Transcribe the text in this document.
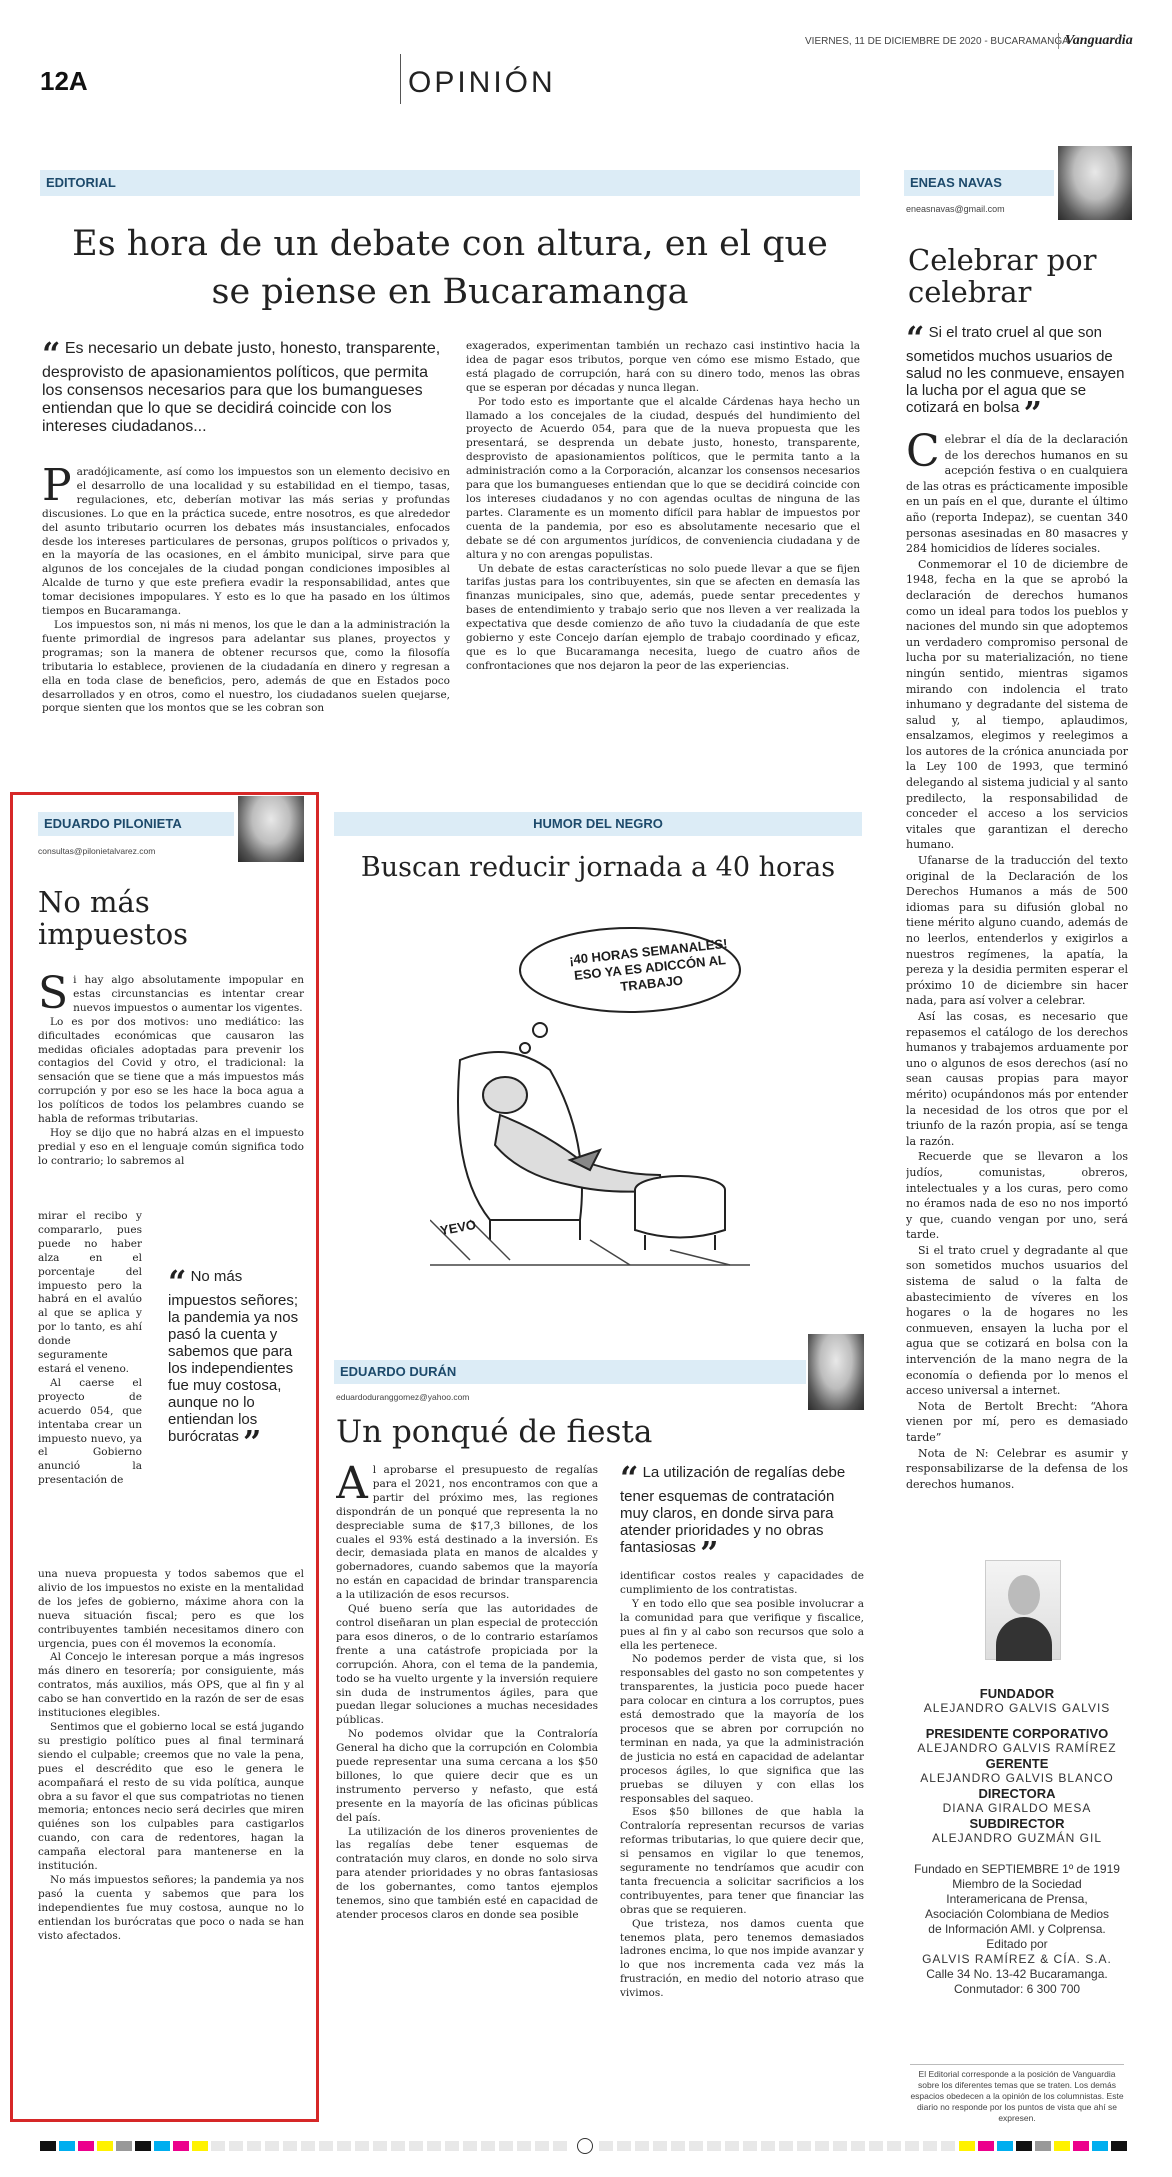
VIERNES, 11 DE DICIEMBRE DE 2020 - BUCARAMANGA
Vanguardia
12A	OPINIÓN
EDITORIAL
Es hora de un debate con altura, en el que se piense en Bucaramanga
“ Es necesario un debate justo, honesto, transparente, desprovisto de apasionamientos políticos, que permita los consensos necesarios para que los bumangueses entiendan que lo que se decidirá coincide con los intereses ciudadanos...
P aradójicamente, así como los impuestos son un elemento decisivo en el desarrollo de una localidad y su estabilidad en el tiempo, tasas, regulaciones, etc, deberían motivar las más serias y profundas discusiones. Lo que en la práctica sucede, entre nosotros, es que alrededor del asunto tributario ocurren los debates más insustanciales, enfocados desde los intereses particulares de personas, grupos políticos o privados y, en la mayoría de las ocasiones, en el ámbito municipal, sirve para que algunos de los concejales de la ciudad pongan condiciones imposibles al Alcalde de turno y que este prefiera evadir la responsabilidad, antes que tomar decisiones impopulares. Y esto es lo que ha pasado en los últimos tiempos en Bucaramanga.

Los impuestos son, ni más ni menos, los que le dan a la administración la fuente primordial de ingresos para adelantar sus planes, proyectos y programas; son la manera de obtener recursos que, como la filosofía tributaria lo establece, provienen de la ciudadanía en dinero y regresan a ella en toda clase de beneficios, pero, además de que en Estados poco desarrollados y en otros, como el nuestro, los ciudadanos suelen quejarse, porque sienten que los montos que se les cobran son

exagerados, experimentan también un rechazo casi instintivo hacia la idea de pagar esos tributos, porque ven cómo ese mismo Estado, que está plagado de corrupción, hará con su dinero todo, menos las obras que se esperan por décadas y nunca llegan.

Por todo esto es importante que el alcalde Cárdenas haya hecho un llamado a los concejales de la ciudad, después del hundimiento del proyecto de Acuerdo 054, para que de la nueva propuesta que les presentará, se desprenda un debate justo, honesto, transparente, desprovisto de apasionamientos políticos, que le permita tanto a la administración como a la Corporación, alcanzar los consensos necesarios para que los bumangueses entiendan que lo que se decidirá coincide con los intereses ciudadanos y no con agendas ocultas de ninguna de las partes. Claramente es un momento difícil para hablar de impuestos por cuenta de la pandemia, por eso es absolutamente necesario que el debate se dé con argumentos jurídicos, de conveniencia ciudadana y de altura y no con arengas populistas.

Un debate de estas características no solo puede llevar a que se fijen tarifas justas para los contribuyentes, sin que se afecten en demasía las finanzas municipales, sino que, además, puede sentar precedentes y bases de entendimiento y trabajo serio que nos lleven a ver realizada la expectativa que desde comienzo de año tuvo la ciudadanía de que este gobierno y este Concejo darían ejemplo de trabajo coordinado y eficaz, que es lo que Bucaramanga necesita, luego de cuatro años de confrontaciones que nos dejaron la peor de las experiencias.

ENEAS NAVAS
eneasnavas@gmail.com
Celebrar por celebrar
“ Si el trato cruel al que son sometidos muchos usuarios de salud no les conmueve, ensayen la lucha por el agua que se cotizará en bolsa ”
C elebrar el día de la declaración de los derechos humanos en su acepción festiva o en cualquiera de las otras es prácticamente imposible en un país en el que, durante el último año (reporta Indepaz), se cuentan 340 personas asesinadas en 80 masacres y 284 homicidios de líderes sociales.

Conmemorar el 10 de diciembre de 1948, fecha en la que se aprobó la declaración de derechos humanos como un ideal para todos los pueblos y naciones del mundo sin que adoptemos un verdadero compromiso personal de lucha por su materialización, no tiene ningún sentido, mientras sigamos mirando con indolencia el trato inhumano y degradante del sistema de salud y, al tiempo, aplaudimos, ensalzamos, elegimos y reelegimos a los autores de la crónica anunciada por la Ley 100 de 1993, que terminó delegando al sistema judicial y al santo predilecto, la responsabilidad de conceder el acceso a los servicios vitales que garantizan el derecho humano.

Ufanarse de la traducción del texto original de la Declaración de los Derechos Humanos a más de 500 idiomas para su difusión global no tiene mérito alguno cuando, además de no leerlos, entenderlos y exigirlos a nuestros regímenes, la apatía, la pereza y la desidia permiten esperar el próximo 10 de diciembre sin hacer nada, para así volver a celebrar.

Así las cosas, es necesario que repasemos el catálogo de los derechos humanos y trabajemos arduamente por uno o algunos de esos derechos (así no sean causas propias para mayor mérito) ocupándonos más por entender la necesidad de los otros que por el triunfo de la razón propia, así se tenga la razón.

Recuerde que se llevaron a los judíos, comunistas, obreros, intelectuales y a los curas, pero como no éramos nada de eso no nos importó y que, cuando vengan por uno, será tarde.

Si el trato cruel y degradante al que son sometidos muchos usuarios del sistema de salud o la falta de abastecimiento de víveres en los hogares o la de hogares no les conmueven, ensayen la lucha por el agua que se cotizará en bolsa con la intervención de la mano negra de la economía o defienda por lo menos el acceso universal a internet.

Nota de Bertolt Brecht: “Ahora vienen por mí, pero es demasiado tarde”

Nota de N: Celebrar es asumir y responsabilizarse de la defensa de los derechos humanos.

FUNDADOR
ALEJANDRO GALVIS GALVIS
PRESIDENTE CORPORATIVO
ALEJANDRO GALVIS RAMÍREZ
GERENTE
ALEJANDRO GALVIS BLANCO
DIRECTORA
DIANA GIRALDO MESA
SUBDIRECTOR
ALEJANDRO GUZMÁN GIL
Fundado en SEPTIEMBRE 1º de 1919
Miembro de la Sociedad
Interamericana de Prensa,
Asociación Colombiana de Medios
de Información AMI. y Colprensa.
Editado por
GALVIS RAMÍREZ & CÍA. S.A.
Calle 34 No. 13-42 Bucaramanga.
Conmutador: 6 300 700
El Editorial corresponde a la posición de Vanguardia sobre los diferentes temas que se traten. Los demás espacios obedecen a la opinión de los columnistas. Este diario no responde por los puntos de vista que ahí se expresen.
EDUARDO PILONIETA
consultas@pilonietalvarez.com
No más impuestos
S i hay algo absolutamente impopular en estas circunstancias es intentar crear nuevos impuestos o aumentar los vigentes.

Lo es por dos motivos: uno mediático: las dificultades económicas que causaron las medidas oficiales adoptadas para prevenir los contagios del Covid y otro, el tradicional: la sensación que se tiene que a más impuestos más corrupción y por eso se les hace la boca agua a los políticos de todos los pelambres cuando se habla de reformas tributarias.

Hoy se dijo que no habrá alzas en el impuesto predial y eso en el lenguaje común significa todo lo contrario; lo sabremos al

mirar el recibo y compararlo, pues puede no haber alza en el porcentaje del impuesto pero la habrá en el avalúo al que se aplica y por lo tanto, es ahí donde seguramente estará el veneno.

Al caerse el proyecto de acuerdo 054, que intentaba crear un impuesto nuevo, ya el Gobierno anunció la presentación de

“ No más impuestos señores; la pandemia ya nos pasó la cuenta y sabemos que para los independientes fue muy costosa, aunque no lo entiendan los burócratas ”

una nueva propuesta y todos sabemos que el alivio de los impuestos no existe en la mentalidad de los jefes de gobierno, máxime ahora con la nueva situación fiscal; pero es que los contribuyentes también necesitamos dinero con urgencia, pues con él movemos la economía.

Al Concejo le interesan porque a más ingresos más dinero en tesorería; por consiguiente, más contratos, más auxilios, más OPS, que al fin y al cabo se han convertido en la razón de ser de esas instituciones elegibles.

Sentimos que el gobierno local se está jugando su prestigio político pues al final terminará siendo el culpable; creemos que no vale la pena, pues el descrédito que eso le genera le acompañará el resto de su vida política, aunque obra a su favor el que sus compatriotas no tienen memoria; entonces necio será decirles que miren quiénes son los culpables para castigarlos cuando, con cara de redentores, hagan la campaña electoral para mantenerse en la institución.

No más impuestos señores; la pandemia ya nos pasó la cuenta y sabemos que para los independientes fue muy costosa, aunque no lo entiendan los burócratas que poco o nada se han visto afectados.

HUMOR DEL NEGRO
Buscan reducir jornada a 40 horas
¡40 HORAS SEMANALES! ESO YA ES ADICCÓN AL TRABAJO
YEVO
EDUARDO DURÁN
eduardoduranggomez@yahoo.com
Un ponqué de fiesta
“ La utilización de regalías debe tener esquemas de contratación muy claros, en donde sirva para atender prioridades y no obras fantasiosas ”
A l aprobarse el presupuesto de regalías para el 2021, nos encontramos con que a partir del próximo mes, las regiones dispondrán de un ponqué que representa la no despreciable suma de $17,3 billones, de los cuales el 93% está destinado a la inversión. Es decir, demasiada plata en manos de alcaldes y gobernadores, cuando sabemos que la mayoría no están en capacidad de brindar transparencia a la utilización de esos recursos.

Qué bueno sería que las autoridades de control diseñaran un plan especial de protección para esos dineros, o de lo contrario estaríamos frente a una catástrofe propiciada por la corrupción. Ahora, con el tema de la pandemia, todo se ha vuelto urgente y la inversión requiere sin duda de instrumentos ágiles, para que puedan llegar soluciones a muchas necesidades públicas.

No podemos olvidar que la Contraloría General ha dicho que la corrupción en Colombia puede representar una suma cercana a los $50 billones, lo que quiere decir que es un instrumento perverso y nefasto, que está presente en la mayoría de las oficinas públicas del país.

La utilización de los dineros provenientes de las regalías debe tener esquemas de contratación muy claros, en donde no solo sirva para atender prioridades y no obras fantasiosas de los gobernantes, como tantos ejemplos tenemos, sino que también esté en capacidad de atender procesos claros en donde sea posible

identificar costos reales y capacidades de cumplimiento de los contratistas.

Y en todo ello que sea posible involucrar a la comunidad para que verifique y fiscalice, pues al fin y al cabo son recursos que solo a ella les pertenece.

No podemos perder de vista que, si los responsables del gasto no son competentes y transparentes, la justicia poco puede hacer para colocar en cintura a los corruptos, pues está demostrado que la mayoría de los procesos que se abren por corrupción no terminan en nada, ya que la administración de justicia no está en capacidad de adelantar procesos ágiles, lo que significa que las pruebas se diluyen y con ellas los responsables del saqueo.

Esos $50 billones de que habla la Contraloría representan recursos de varias reformas tributarias, lo que quiere decir que, si pensamos en vigilar lo que tenemos, seguramente no tendríamos que acudir con tanta frecuencia a solicitar sacrificios a los contribuyentes, para tener que financiar las obras que se requieren.

Que tristeza, nos damos cuenta que tenemos plata, pero tenemos demasiados ladrones encima, lo que nos impide avanzar y lo que nos incrementa cada vez más la frustración, en medio del notorio atraso que vivimos.
